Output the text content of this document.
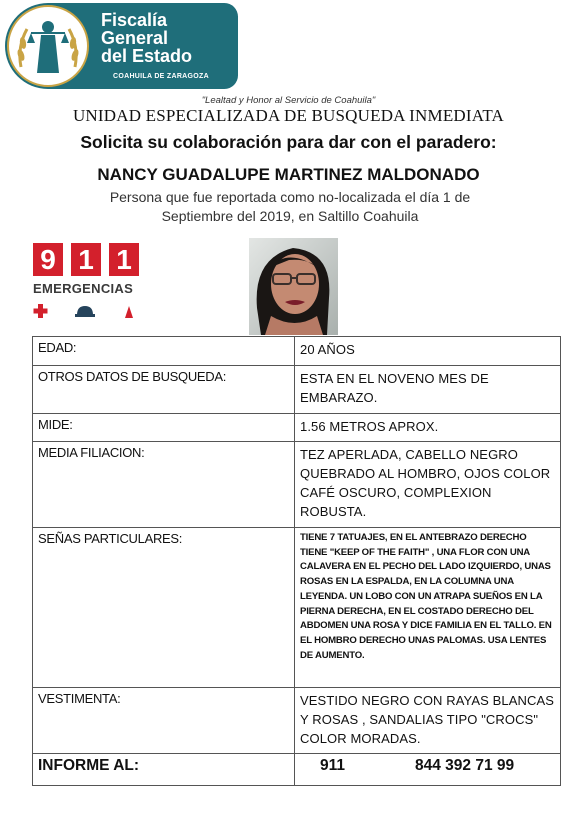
Fiscalía
General
del Estado
COAHUILA DE ZARAGOZA
"Lealtad y Honor al Servicio de Coahuila"
UNIDAD ESPECIALIZADA DE BUSQUEDA INMEDIATA
Solicita su colaboración para dar con el paradero:
NANCY GUADALUPE MARTINEZ MALDONADO
Persona que fue reportada como no-localizada el día 1 de
Septiembre del 2019, en Saltillo Coahuila
9 1 1
EMERGENCIAS
EDAD:	20 AÑOS
OTROS DATOS DE BUSQUEDA:	ESTA EN EL NOVENO MES DE EMBARAZO.
MIDE:	1.56 METROS APROX.
MEDIA FILIACION:	TEZ APERLADA, CABELLO NEGRO QUEBRADO AL HOMBRO, OJOS COLOR CAFÉ OSCURO, COMPLEXION ROBUSTA.
SEÑAS PARTICULARES:	TIENE 7 TATUAJES, EN EL ANTEBRAZO DERECHO TIENE "KEEP OF THE FAITH" , UNA FLOR CON UNA CALAVERA EN EL PECHO DEL LADO IZQUIERDO, UNAS ROSAS EN LA ESPALDA, EN LA COLUMNA UNA LEYENDA. UN LOBO CON UN ATRAPA SUEÑOS EN LA PIERNA DERECHA, EN EL COSTADO DERECHO DEL ABDOMEN UNA ROSA Y DICE FAMILIA EN EL TALLO. EN EL HOMBRO DERECHO UNAS PALOMAS. USA LENTES DE AUMENTO.
VESTIMENTA:	VESTIDO NEGRO CON RAYAS BLANCAS Y ROSAS , SANDALIAS TIPO "CROCS" COLOR MORADAS.
INFORME AL:	911 844 392 71 99
